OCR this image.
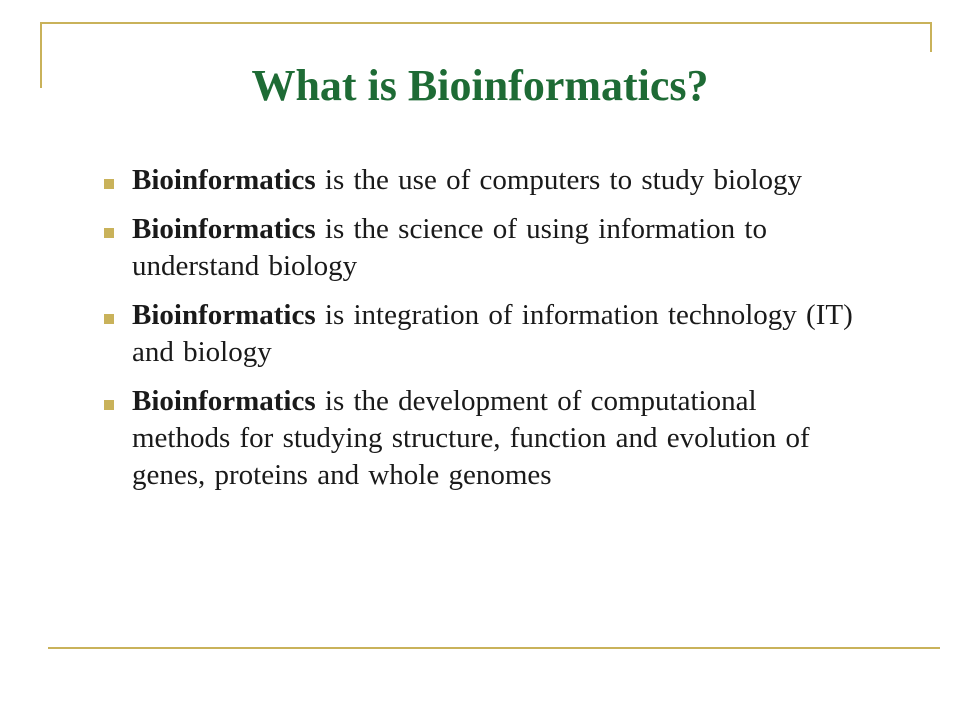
What is Bioinformatics?
Bioinformatics is the use of computers to study biology
Bioinformatics is the science of using information to understand biology
Bioinformatics is integration of information technology (IT) and biology
Bioinformatics is the development of computational methods for studying structure, function and evolution of genes, proteins and whole genomes
